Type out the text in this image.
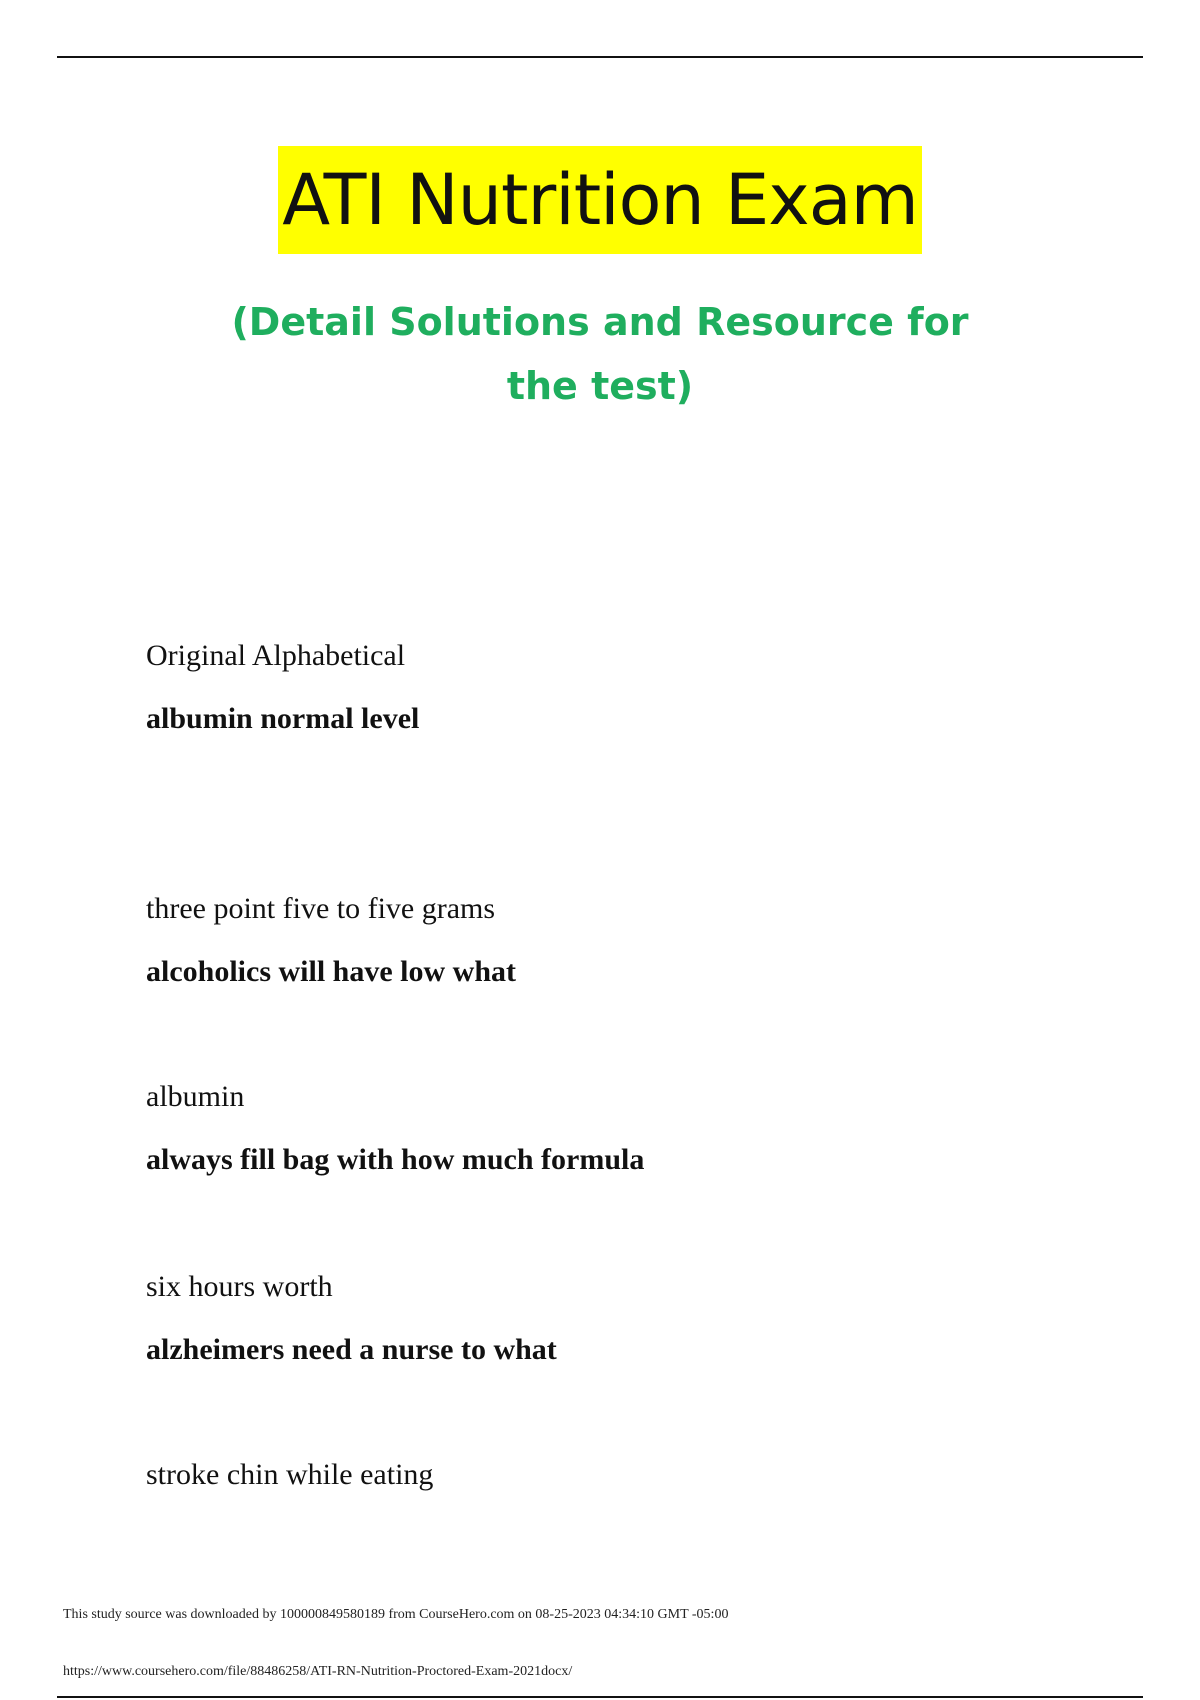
ATI Nutrition Exam
(Detail Solutions and Resource for the test)
Original Alphabetical
albumin normal level
three point five to five grams
alcoholics will have low what
albumin
always fill bag with how much formula
six hours worth
alzheimers need a nurse to what
stroke chin while eating
This study source was downloaded by 100000849580189 from CourseHero.com on 08-25-2023 04:34:10 GMT -05:00
https://www.coursehero.com/file/88486258/ATI-RN-Nutrition-Proctored-Exam-2021docx/
